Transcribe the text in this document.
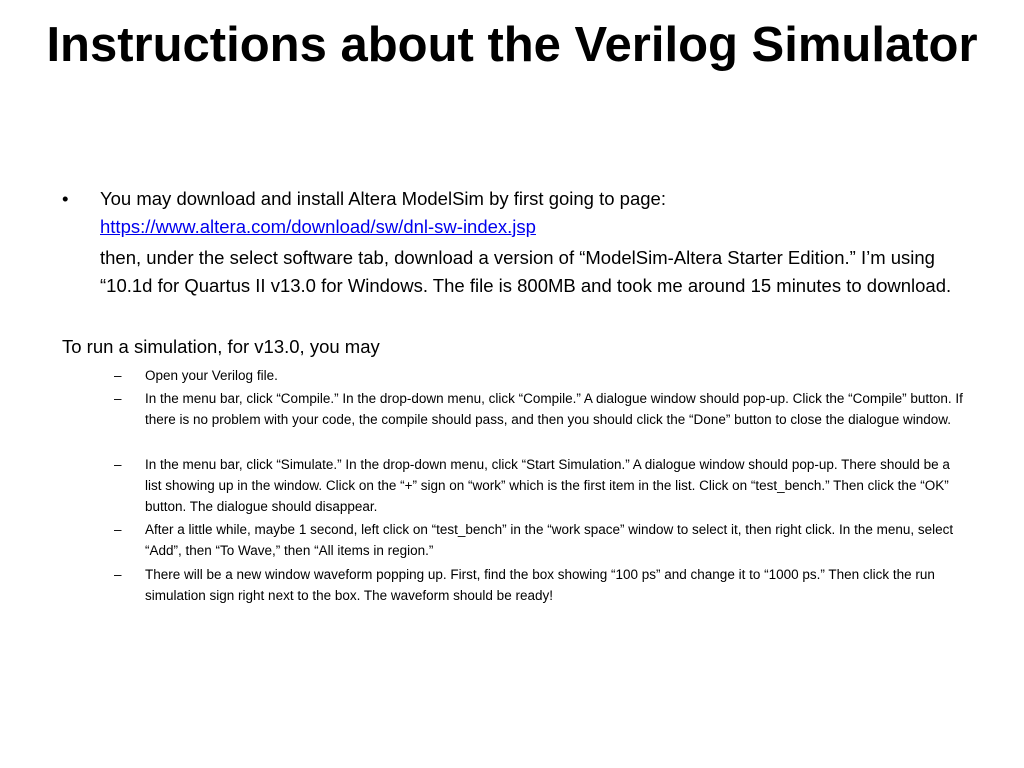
Instructions about the Verilog Simulator
• You may download and install Altera ModelSim by first going to page:
https://www.altera.com/download/sw/dnl-sw-index.jsp
then, under the select software tab, download a version of “ModelSim-Altera Starter Edition.” I’m using “10.1d for Quartus II v13.0 for Windows. The file is 800MB and took me around 15 minutes to download.
To run a simulation, for v13.0, you may
– Open your Verilog file.
– In the menu bar, click “Compile.” In the drop-down menu, click “Compile.” A dialogue window should pop-up. Click the “Compile” button. If there is no problem with your code, the compile should pass, and then you should click the “Done” button to close the dialogue window.
– In the menu bar, click “Simulate.” In the drop-down menu, click “Start Simulation.” A dialogue window should pop-up. There should be a list showing up in the window. Click on the “+” sign on “work” which is the first item in the list. Click on “test_bench.” Then click the “OK” button. The dialogue should disappear.
– After a little while, maybe 1 second, left click on “test_bench” in the “work space” window to select it, then right click. In the menu, select “Add”, then “To Wave,” then “All items in region.”
– There will be a new window waveform popping up. First, find the box showing “100 ps” and change it to “1000 ps.” Then click the run simulation sign right next to the box. The waveform should be ready!
